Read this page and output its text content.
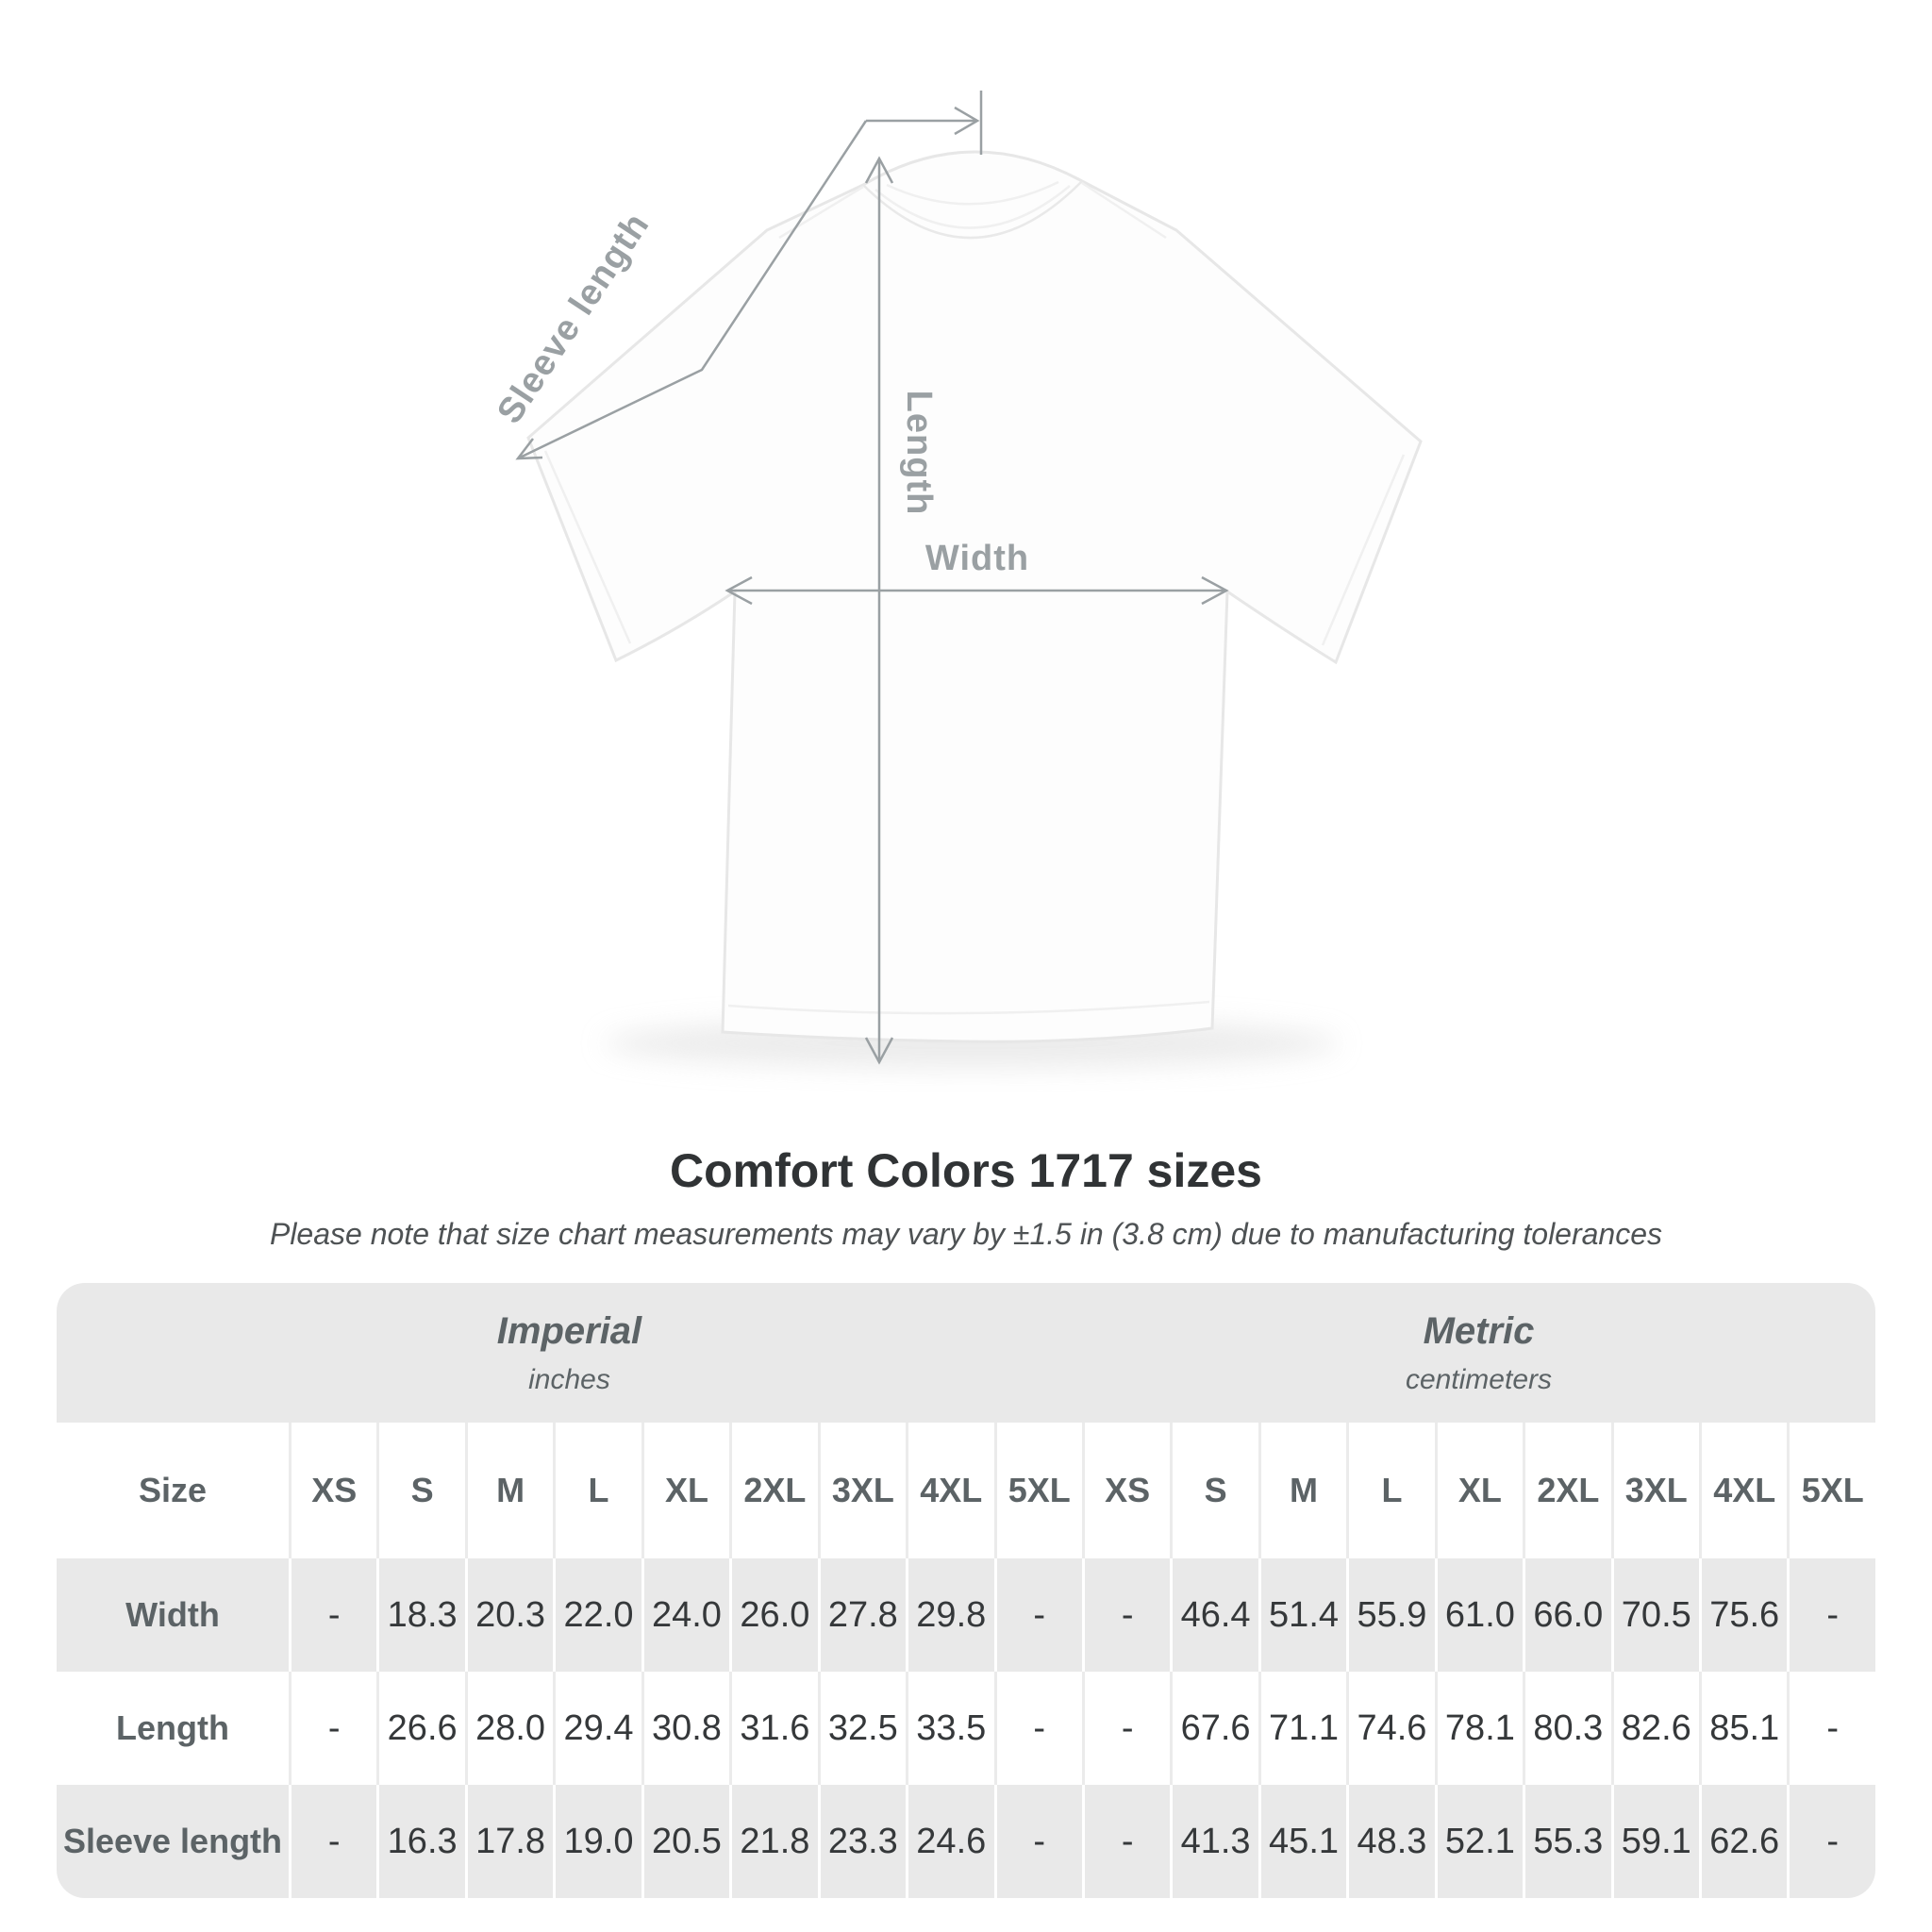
Sleeve length
Length
Width
Comfort Colors 1717 sizes
Please note that size chart measurements may vary by ±1.5 in (3.8 cm) due to manufacturing tolerances
Imperial
inches

Metric
centimeters

Size	XS	S	M	L	XL	2XL	3XL	4XL	5XL	XS	S	M	L	XL	2XL	3XL	4XL	5XL
Width	-	18.3	20.3	22.0	24.0	26.0	27.8	29.8	-	-	46.4	51.4	55.9	61.0	66.0	70.5	75.6	-
Length	-	26.6	28.0	29.4	30.8	31.6	32.5	33.5	-	-	67.6	71.1	74.6	78.1	80.3	82.6	85.1	-
Sleeve length	-	16.3	17.8	19.0	20.5	21.8	23.3	24.6	-	-	41.3	45.1	48.3	52.1	55.3	59.1	62.6	-
